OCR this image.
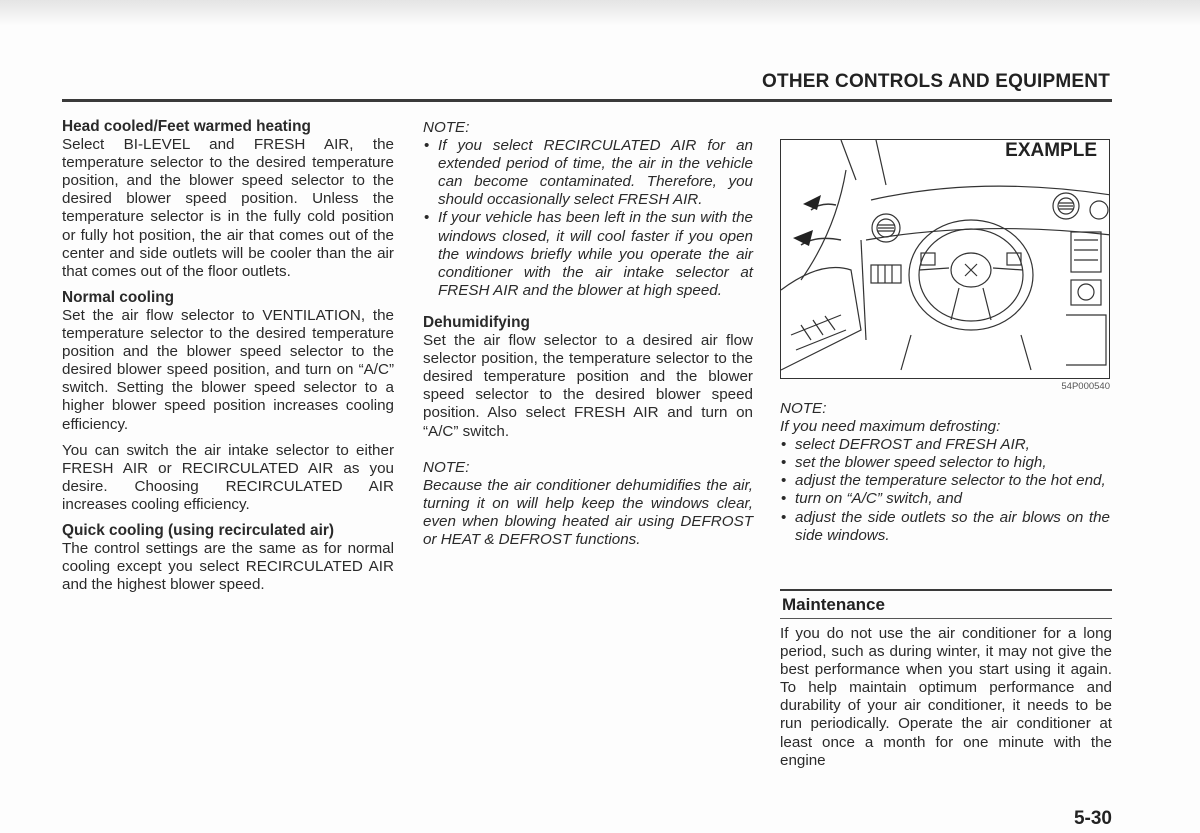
OTHER CONTROLS AND EQUIPMENT
Head cooled/Feet warmed heating

Select BI-LEVEL and FRESH AIR, the temperature selector to the desired temperature position, and the blower speed selector to the desired blower speed position. Unless the temperature selector is in the fully cold position or fully hot position, the air that comes out of the center and side outlets will be cooler than the air that comes out of the floor outlets.

Normal cooling

Set the air flow selector to VENTILATION, the temperature selector to the desired temperature position and the blower speed selector to the desired blower speed position, and turn on “A/C” switch. Setting the blower speed selector to a higher blower speed position increases cooling efficiency.

You can switch the air intake selector to either FRESH AIR or RECIRCULATED AIR as you desire. Choosing RECIRCULATED AIR increases cooling efficiency.

Quick cooling (using recirculated air)

The control settings are the same as for normal cooling except you select RECIRCULATED AIR and the highest blower speed.

NOTE:

• If you select RECIRCULATED AIR for an extended period of time, the air in the vehicle can become contaminated. Therefore, you should occasionally select FRESH AIR.
• If your vehicle has been left in the sun with the windows closed, it will cool faster if you open the windows briefly while you operate the air conditioner with the air intake selector at FRESH AIR and the blower at high speed.
Dehumidifying

Set the air flow selector to a desired air flow selector position, the temperature selector to the desired temperature position and the blower speed selector to the desired blower speed position. Also select FRESH AIR and turn on “A/C” switch.

NOTE:

Because the air conditioner dehumidifies the air, turning it on will help keep the windows clear, even when blowing heated air using DEFROST or HEAT & DEFROST functions.

EXAMPLE
54P000540

NOTE:

If you need maximum defrosting:

• select DEFROST and FRESH AIR,
• set the blower speed selector to high,
• adjust the temperature selector to the hot end,
• turn on “A/C” switch, and
• adjust the side outlets so the air blows on the side windows.
Maintenance

If you do not use the air conditioner for a long period, such as during winter, it may not give the best performance when you start using it again. To help maintain optimum performance and durability of your air conditioner, it needs to be run periodically. Operate the air conditioner at least once a month for one minute with the engine

5-30
